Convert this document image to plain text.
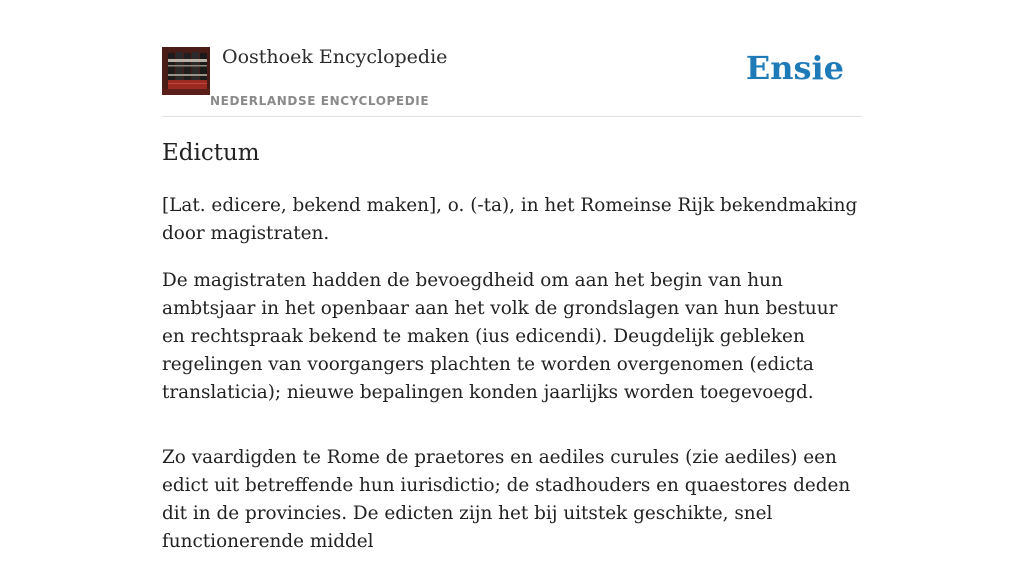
Oosthoek Encyclopedie
NEDERLANDSE ENCYCLOPEDIE
Ensie
Edictum

[Lat. edicere, bekend maken], o. (-ta), in het Romeinse Rijk bekendmaking door magistraten.

De magistraten hadden de bevoegdheid om aan het begin van hun ambtsjaar in het openbaar aan het volk de grondslagen van hun bestuur en rechtspraak bekend te maken (ius edicendi). Deugdelijk gebleken regelingen van voorgangers plachten te worden overgenomen (edicta translaticia); nieuwe bepalingen konden jaarlijks worden toegevoegd.

Zo vaardigden te Rome de praetores en aediles curules (zie aediles) een edict uit betreffende hun iurisdictio; de stadhouders en quaestores deden dit in de provincies. De edicten zijn het bij uitstek geschikte, snel functionerende middel
